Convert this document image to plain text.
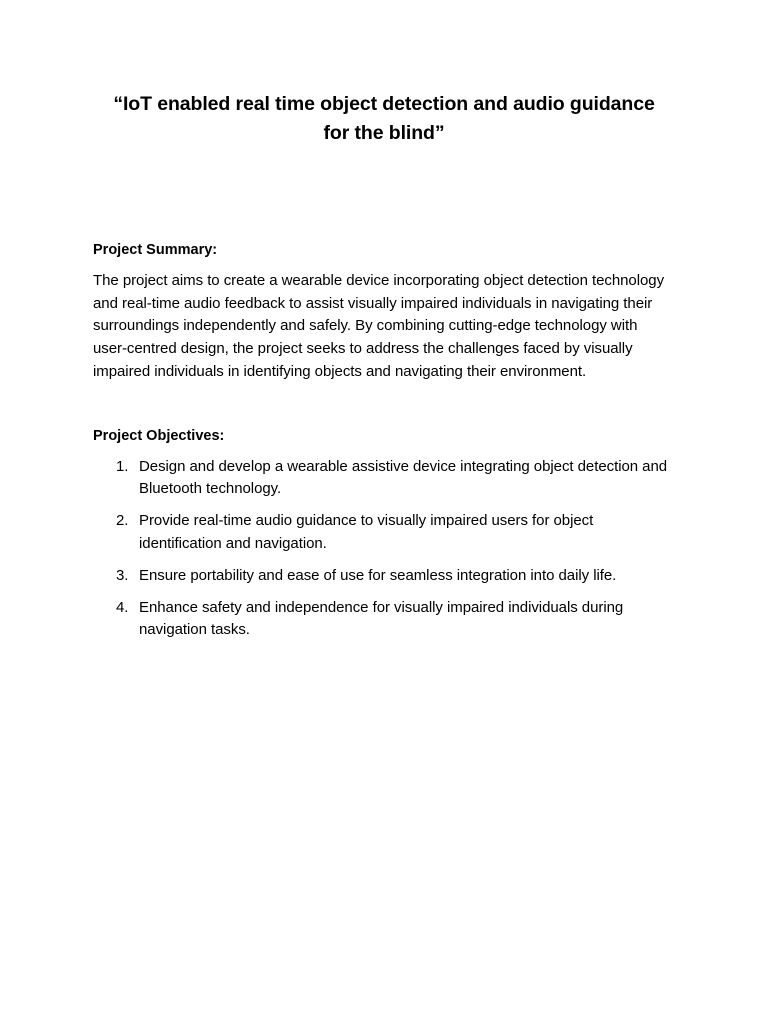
“IoT enabled real time object detection and audio guidance
for the blind”
Project Summary:

The project aims to create a wearable device incorporating object detection technology and real-time audio feedback to assist visually impaired individuals in navigating their surroundings independently and safely. By combining cutting-edge technology with user-centred design, the project seeks to address the challenges faced by visually impaired individuals in identifying objects and navigating their environment.

Project Objectives:
1. Design and develop a wearable assistive device integrating object detection and Bluetooth technology.
2. Provide real-time audio guidance to visually impaired users for object identification and navigation.
3. Ensure portability and ease of use for seamless integration into daily life.
4. Enhance safety and independence for visually impaired individuals during navigation tasks.
